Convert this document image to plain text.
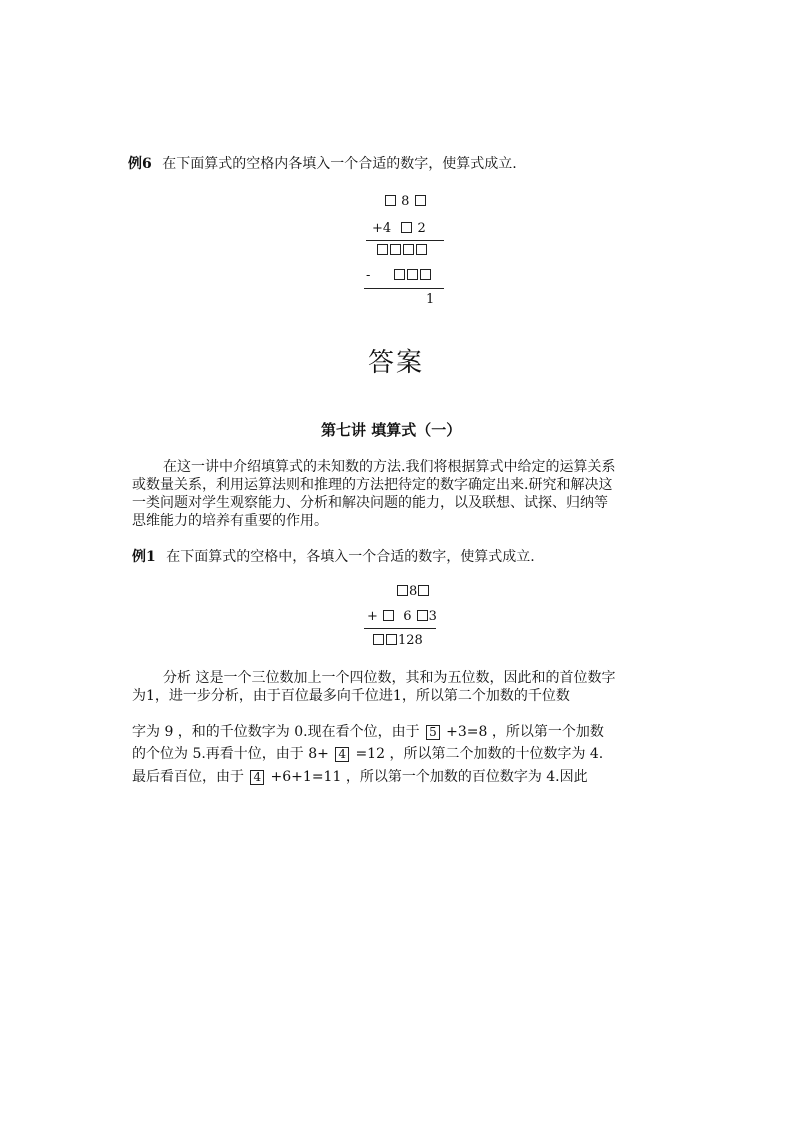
例6 在下面算式的空格内各填入一个合适的数字，使算式成立.
8
+4 2
-
1
答案
第七讲 填算式（一）
在这一讲中介绍填算式的未知数的方法.我们将根据算式中给定的运算关系
或数量关系，利用运算法则和推理的方法把待定的数字确定出来.研究和解决这
一类问题对学生观察能力、分析和解决问题的能力，以及联想、试探、归纳等
思维能力的培养有重要的作用。
例1 在下面算式的空格中，各填入一个合适的数字，使算式成立.
8
+ 6 3
128
分析 这是一个三位数加上一个四位数，其和为五位数，因此和的首位数字
为1，进一步分析，由于百位最多向千位进1，所以第二个加数的千位数
字为 9 ，和的千位数字为 0.现在看个位，由于 5 +3=8 ，所以第一个加数
的个位为 5.再看十位，由于 8+ 4 =12 ，所以第二个加数的十位数字为 4.
最后看百位，由于 4 +6+1=11 ，所以第一个加数的百位数字为 4.因此
